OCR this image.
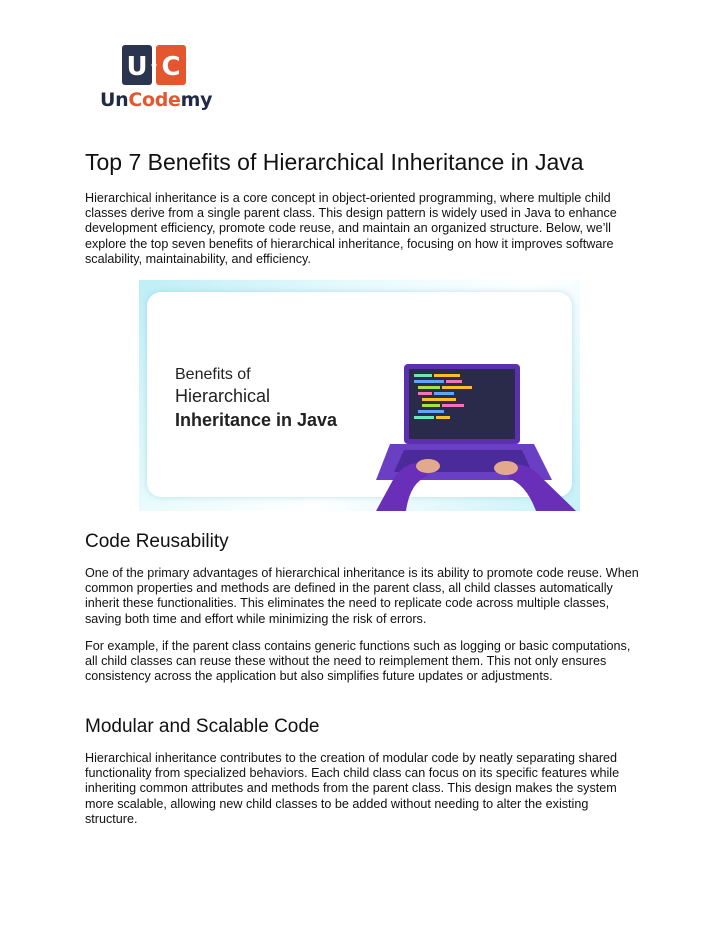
U C
UnCodemy
Top 7 Benefits of Hierarchical Inheritance in Java

Hierarchical inheritance is a core concept in object-oriented programming, where multiple child classes derive from a single parent class. This design pattern is widely used in Java to enhance development efficiency, promote code reuse, and maintain an organized structure. Below, we’ll explore the top seven benefits of hierarchical inheritance, focusing on how it improves software scalability, maintainability, and efficiency.

Benefits of
Hierarchical
Inheritance in Java
Code Reusability

One of the primary advantages of hierarchical inheritance is its ability to promote code reuse. When common properties and methods are defined in the parent class, all child classes automatically inherit these functionalities. This eliminates the need to replicate code across multiple classes, saving both time and effort while minimizing the risk of errors.

For example, if the parent class contains generic functions such as logging or basic computations, all child classes can reuse these without the need to reimplement them. This not only ensures consistency across the application but also simplifies future updates or adjustments.

Modular and Scalable Code

Hierarchical inheritance contributes to the creation of modular code by neatly separating shared functionality from specialized behaviors. Each child class can focus on its specific features while inheriting common attributes and methods from the parent class. This design makes the system more scalable, allowing new child classes to be added without needing to alter the existing structure.
